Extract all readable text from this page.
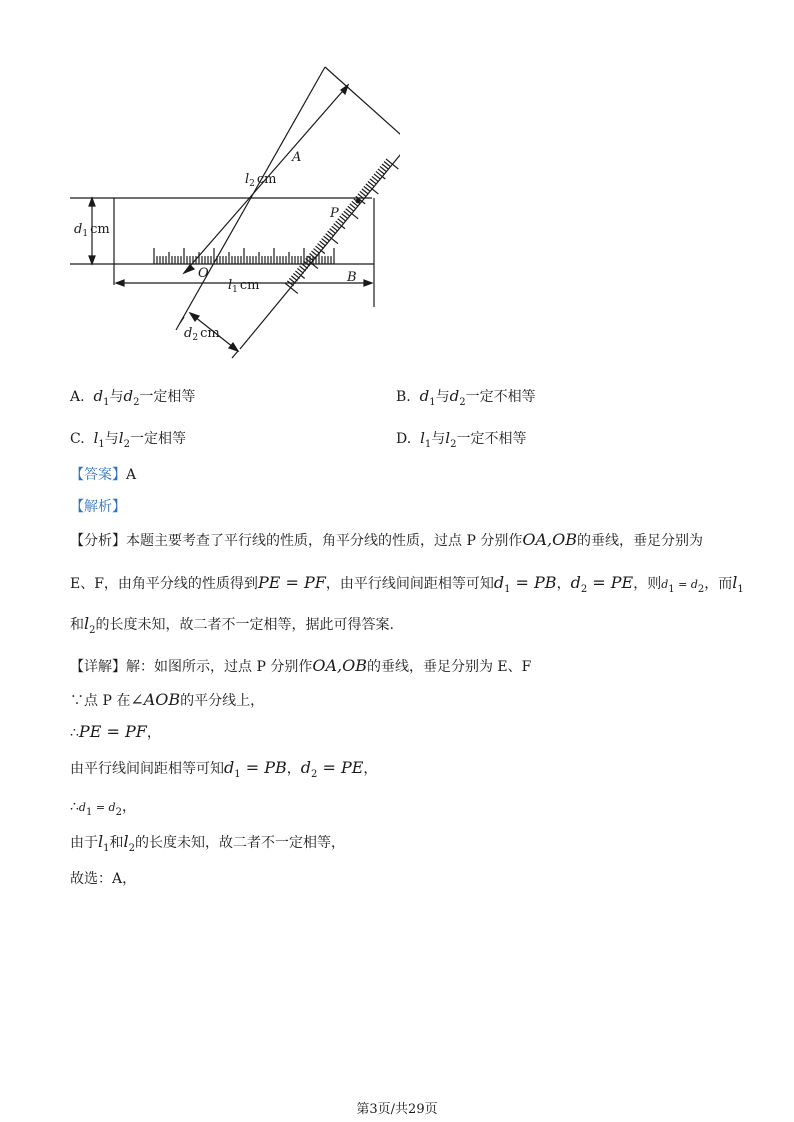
A
B
O
P
$l_2$ cm
$l_1$ cm
$d_1$ cm
$d_2$ cm
A. $d_1$与$d_2$一定相等	B. $d_1$与$d_2$一定不相等
C. $l_1$与$l_2$一定相等	D. $l_1$与$l_2$一定不相等
【答案】A
【解析】
【分析】本题主要考查了平行线的性质，角平分线的性质，过点 P 分别作OA,OB的垂线，垂足分别为
E、F，由角平分线的性质得到PE = PF，由平行线间间距相等可知$d_1$ = PB，$d_2$ = PE，则$d_1 = d_2$，而$l_1$
和$l_2$的长度未知，故二者不一定相等，据此可得答案.
【详解】解：如图所示，过点 P 分别作OA,OB的垂线，垂足分别为 E、F
∵点 P 在∠AOB的平分线上，
∴PE = PF，
由平行线间间距相等可知$d_1$ = PB，$d_2$ = PE，
$\therefore d_1 = d_2$，
由于$l_1$和$l_2$的长度未知，故二者不一定相等，
故选：A，
第3页/共29页
